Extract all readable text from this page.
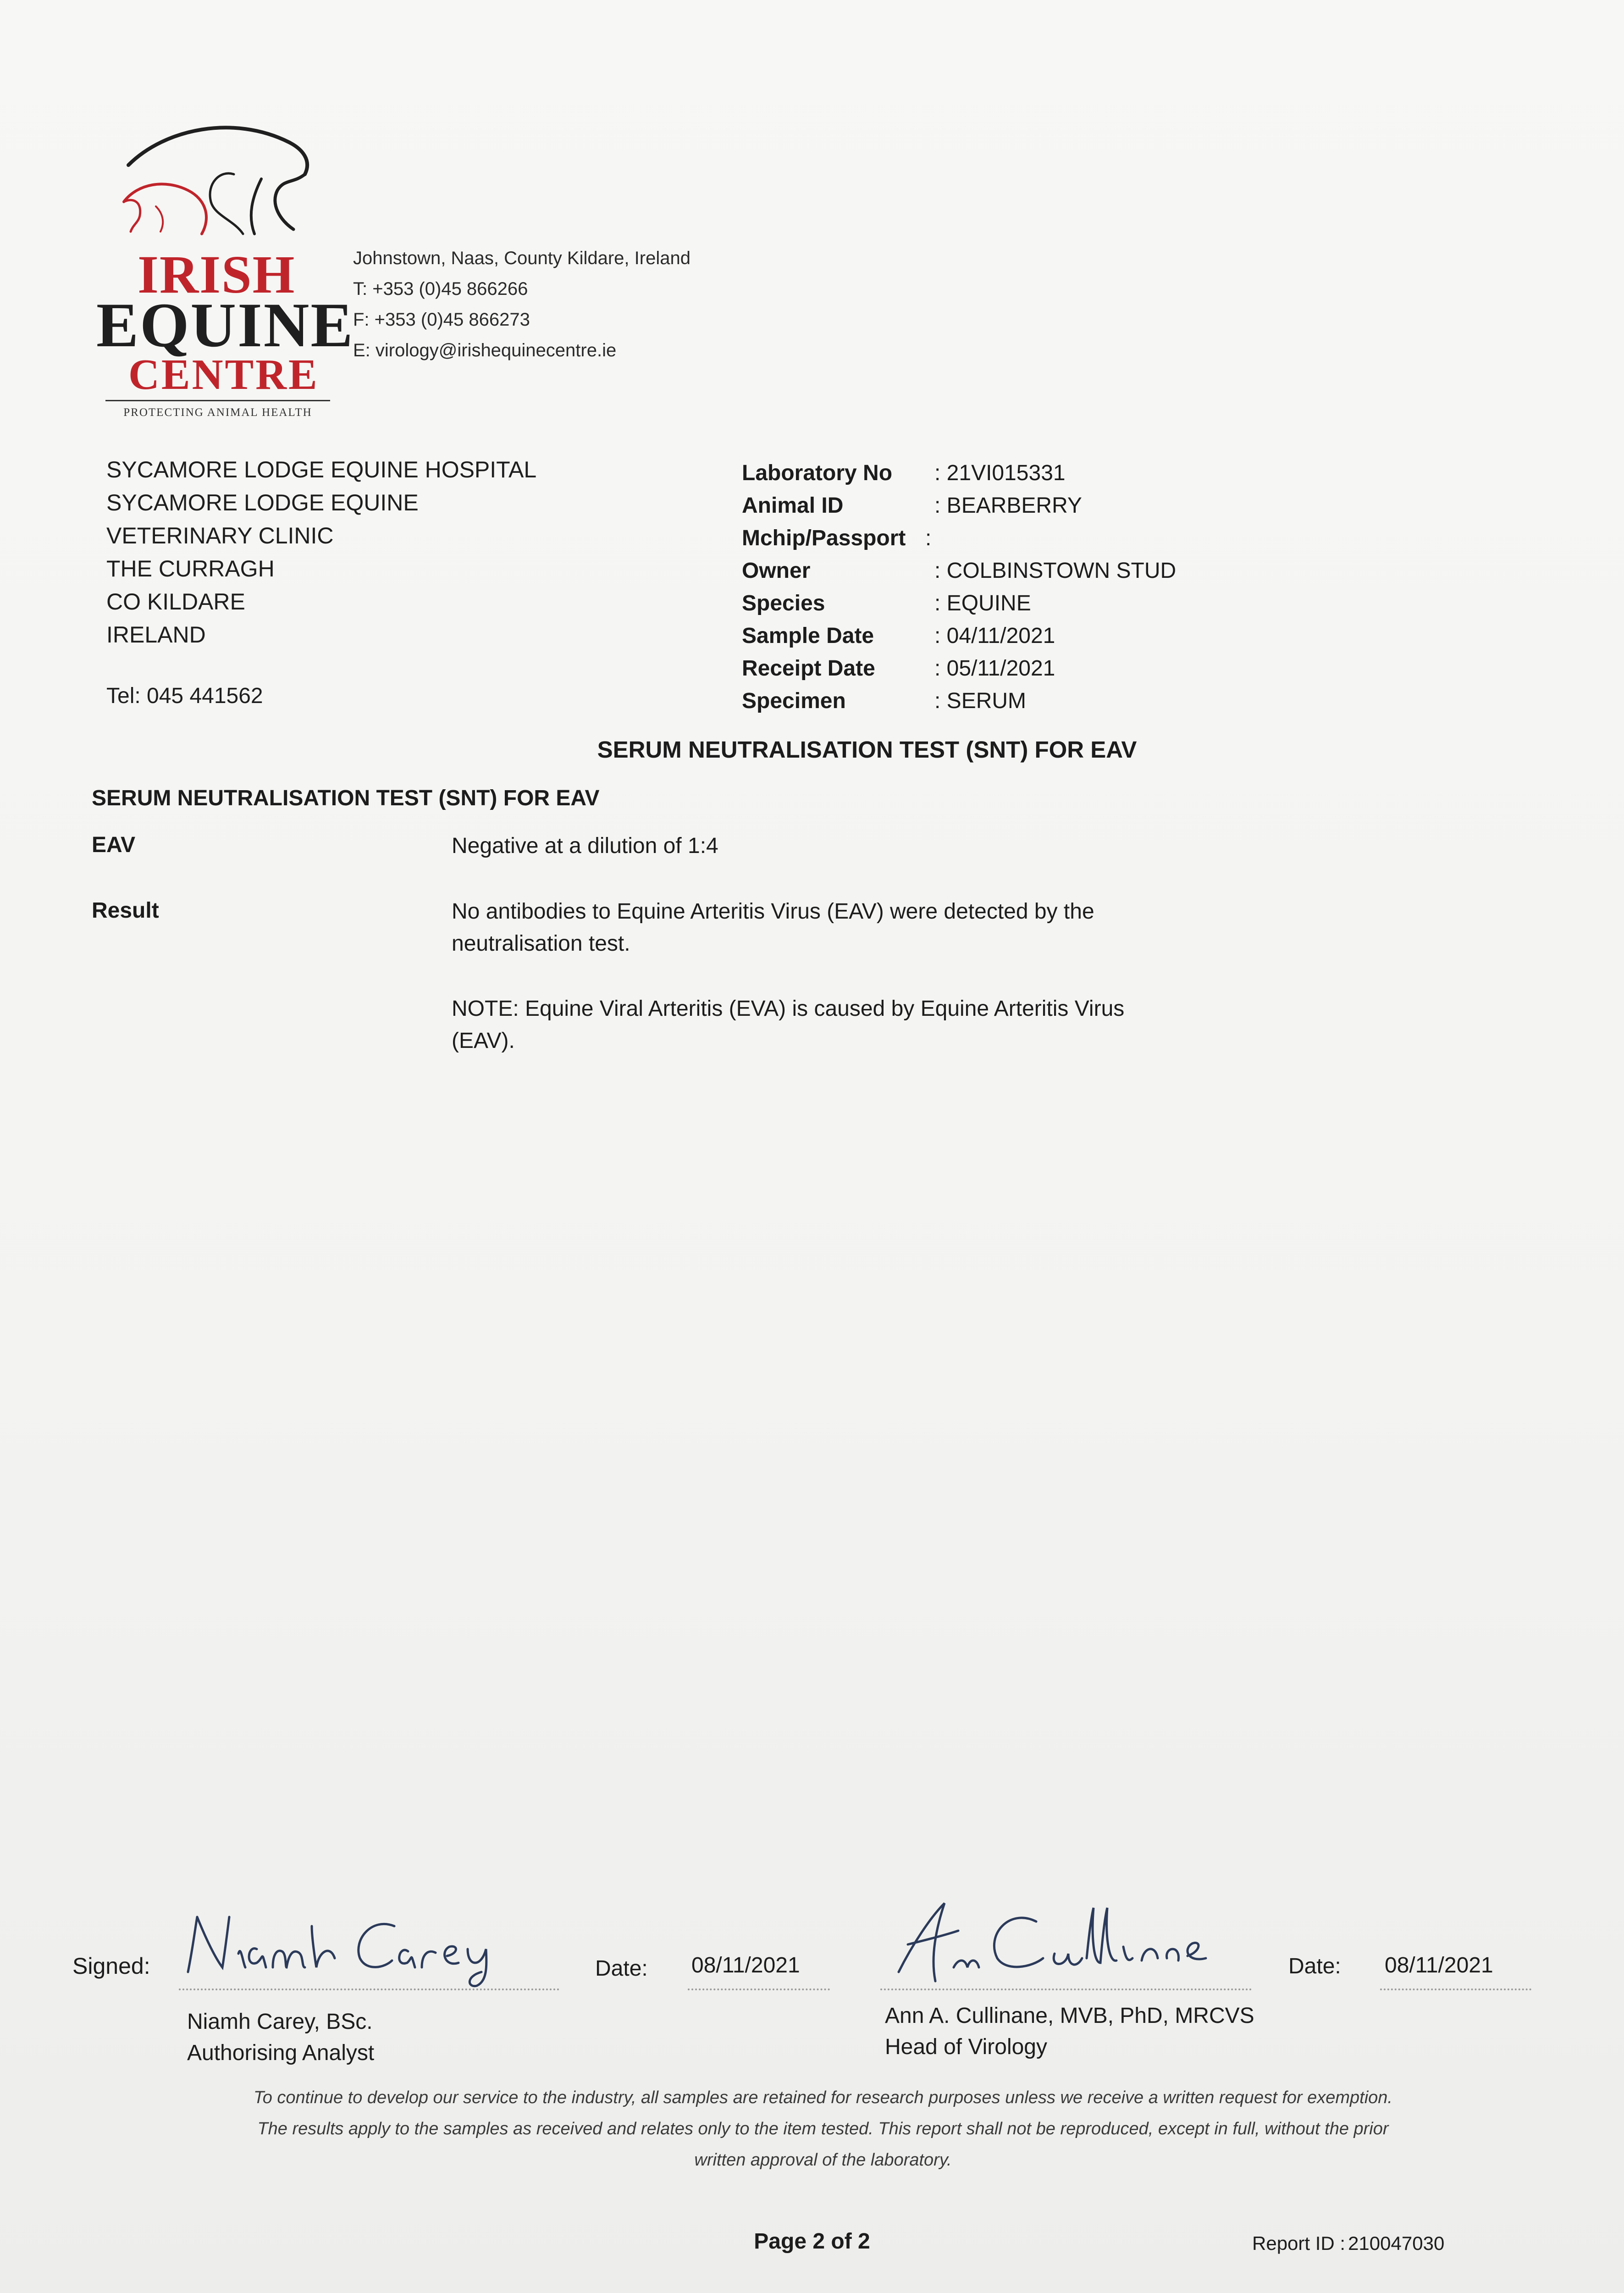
IRISH
EQUINE
CENTRE
PROTECTING ANIMAL HEALTH
Johnstown, Naas, County Kildare, Ireland
T: +353 (0)45 866266
F: +353 (0)45 866273
E: virology@irishequinecentre.ie
SYCAMORE LODGE EQUINE HOSPITAL
SYCAMORE LODGE EQUINE
VETERINARY CLINIC
THE CURRAGH
CO KILDARE
IRELAND
Tel: 045 441562
Laboratory No	: 21VI015331
Animal ID	: BEARBERRY
Mchip/Passport :
Owner	: COLBINSTOWN STUD
Species	: EQUINE
Sample Date	: 04/11/2021
Receipt Date	: 05/11/2021
Specimen	: SERUM
SERUM NEUTRALISATION TEST (SNT) FOR EAV
SERUM NEUTRALISATION TEST (SNT) FOR EAV
EAV	Negative at a dilution of 1:4
Result	No antibodies to Equine Arteritis Virus (EAV) were detected by the
neutralisation test.
NOTE: Equine Viral Arteritis (EVA) is caused by Equine Arteritis Virus
(EAV).
Signed:	Date: 08/11/2021
Niamh Carey, BSc.
Authorising Analyst
Date: 08/11/2021
Ann A. Cullinane, MVB, PhD, MRCVS
Head of Virology
To continue to develop our service to the industry, all samples are retained for research purposes unless we receive a written request for exemption.
The results apply to the samples as received and relates only to the item tested. This report shall not be reproduced, except in full, without the prior
written approval of the laboratory.
Page 2 of 2	Report ID : 210047030
